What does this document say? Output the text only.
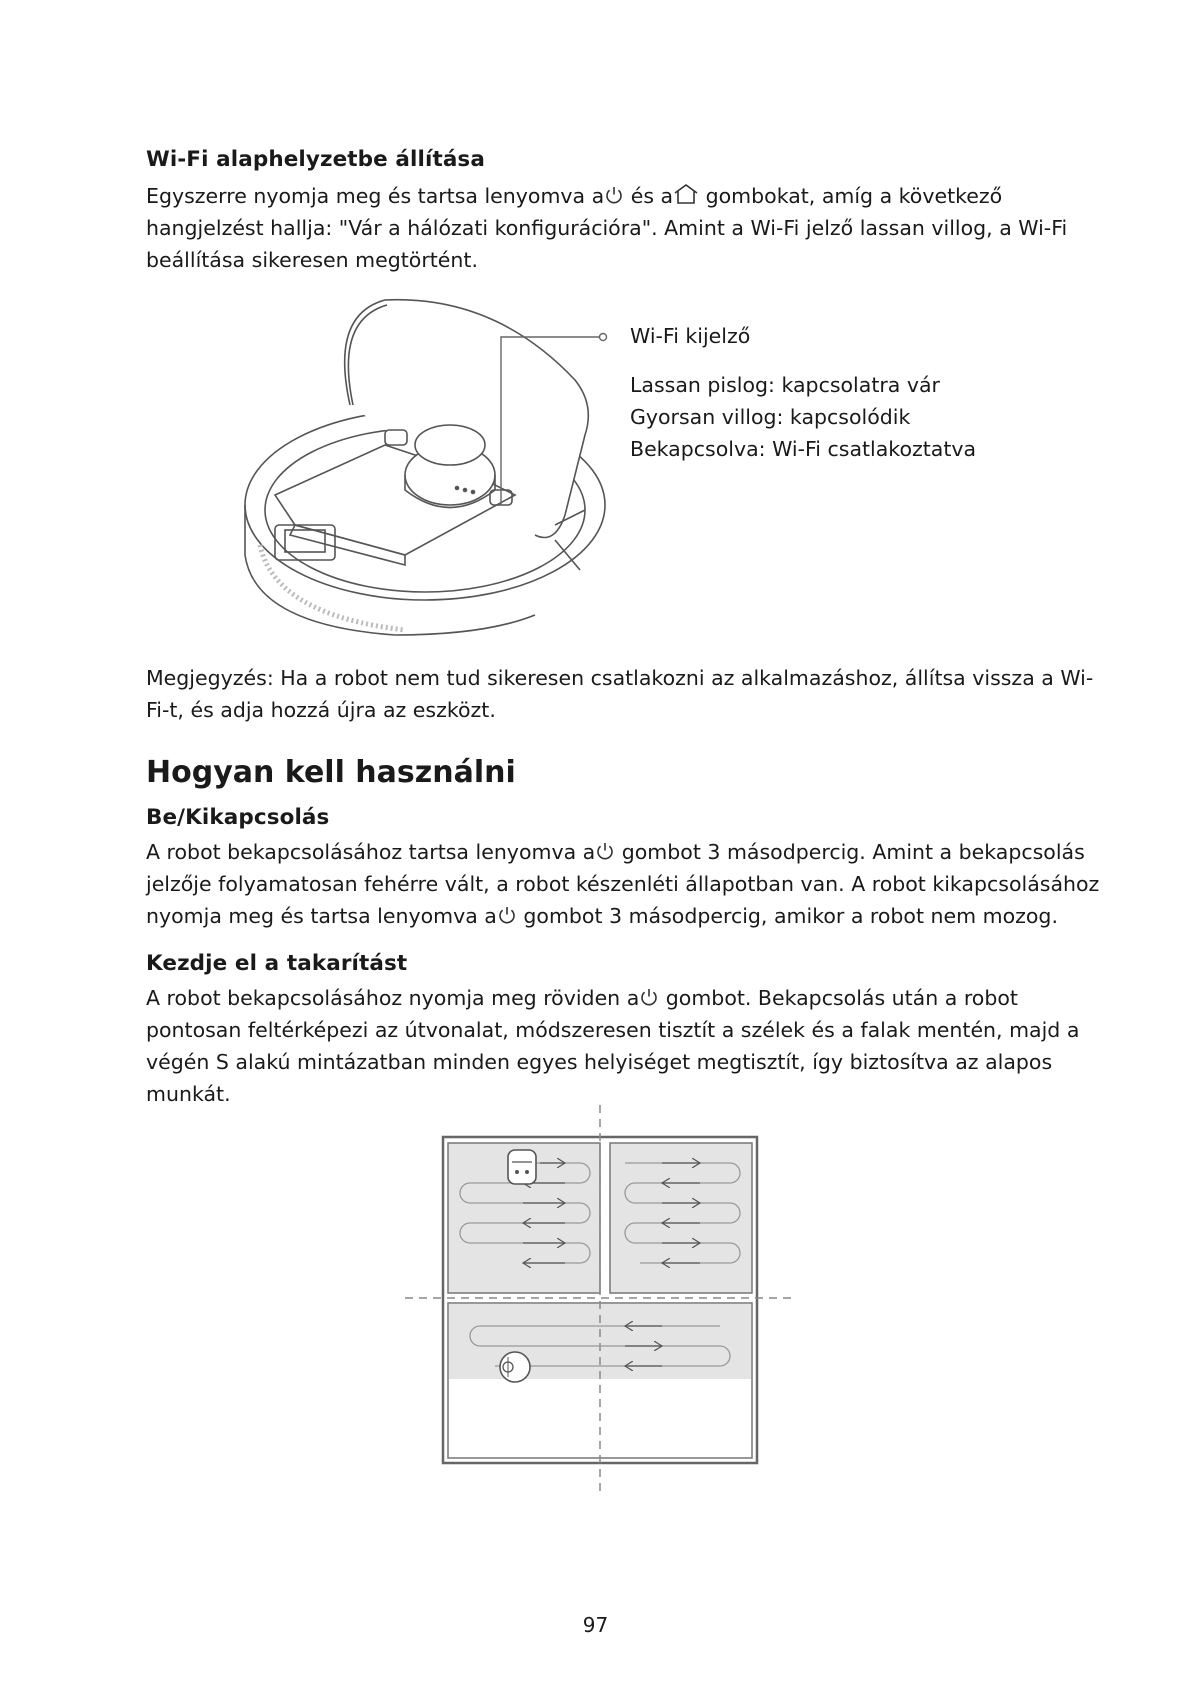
Wi-Fi alaphelyzetbe állítása
Egyszerre nyomja meg és tartsa lenyomva a és a gombokat, amíg a következő
hangjelzést hallja: "Vár a hálózati konfigurációra". Amint a Wi-Fi jelző lassan villog, a Wi-Fi
beállítása sikeresen megtörtént.
Wi-Fi kijelző
Lassan pislog: kapcsolatra vár
Gyorsan villog: kapcsolódik
Bekapcsolva: Wi-Fi csatlakoztatva
Megjegyzés: Ha a robot nem tud sikeresen csatlakozni az alkalmazáshoz, állítsa vissza a Wi-
Fi-t, és adja hozzá újra az eszközt.
Hogyan kell használni
Be/Kikapcsolás
A robot bekapcsolásához tartsa lenyomva a gombot 3 másodpercig. Amint a bekapcsolás
jelzője folyamatosan fehérre vált, a robot készenléti állapotban van. A robot kikapcsolásához
nyomja meg és tartsa lenyomva a gombot 3 másodpercig, amikor a robot nem mozog.
Kezdje el a takarítást
A robot bekapcsolásához nyomja meg röviden a gombot. Bekapcsolás után a robot
pontosan feltérképezi az útvonalat, módszeresen tisztít a szélek és a falak mentén, majd a
végén S alakú mintázatban minden egyes helyiséget megtisztít, így biztosítva az alapos
munkát.
97
